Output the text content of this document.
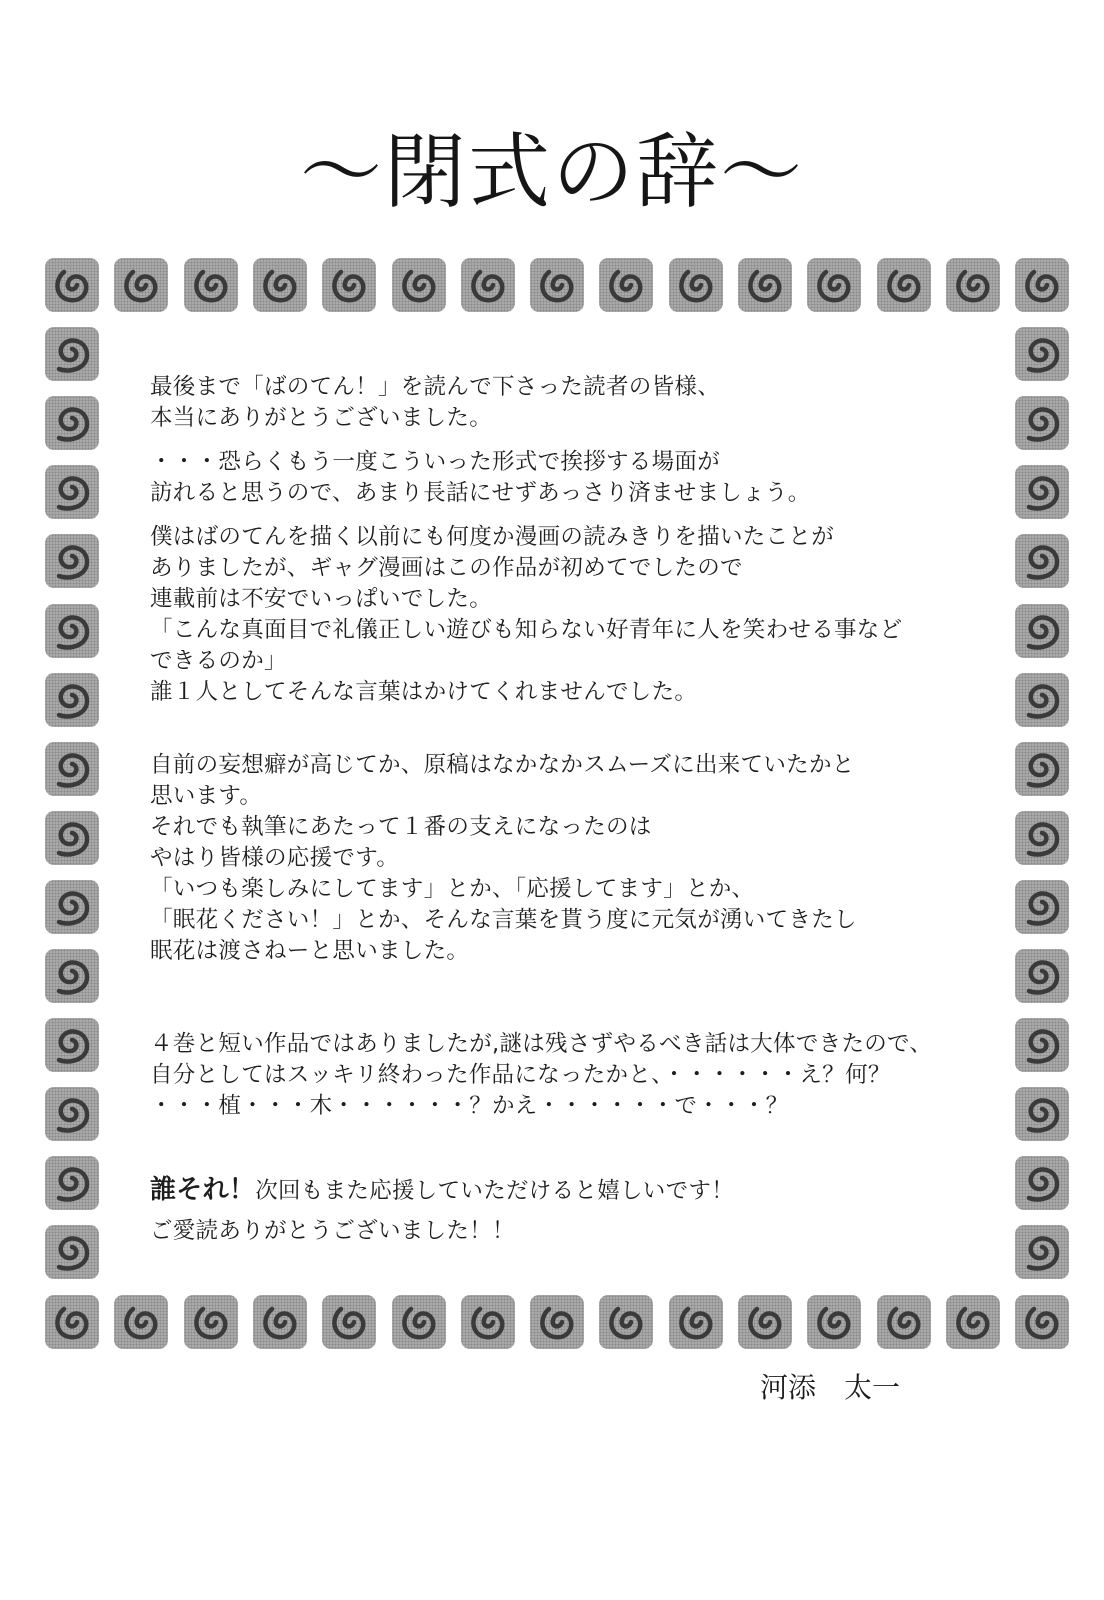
～閉式の辞～
最後まで「ばのてん！」を読んで下さった読者の皆様、
本当にありがとうございました。
・・・恐らくもう一度こういった形式で挨拶する場面が
訪れると思うので、あまり長話にせずあっさり済ませましょう。
僕はばのてんを描く以前にも何度か漫画の読みきりを描いたことが
ありましたが、ギャグ漫画はこの作品が初めてでしたので
連載前は不安でいっぱいでした。
「こんな真面目で礼儀正しい遊びも知らない好青年に人を笑わせる事など
できるのか」
誰１人としてそんな言葉はかけてくれませんでした。
自前の妄想癖が高じてか、原稿はなかなかスムーズに出来ていたかと
思います。
それでも執筆にあたって１番の支えになったのは
やはり皆様の応援です。
「いつも楽しみにしてます」とか、「応援してます」とか、
「眠花ください！」とか、そんな言葉を貰う度に元気が湧いてきたし
眠花は渡さねーと思いました。
４巻と短い作品ではありましたが,謎は残さずやるべき話は大体できたので、
自分としてはスッキリ終わった作品になったかと、・・・・・・え？何？
・・・植・・・木・・・・・・？かえ・・・・・・で・・・？
誰それ！次回もまた応援していただけると嬉しいです！
ご愛読ありがとうございました！！
河添　太一
